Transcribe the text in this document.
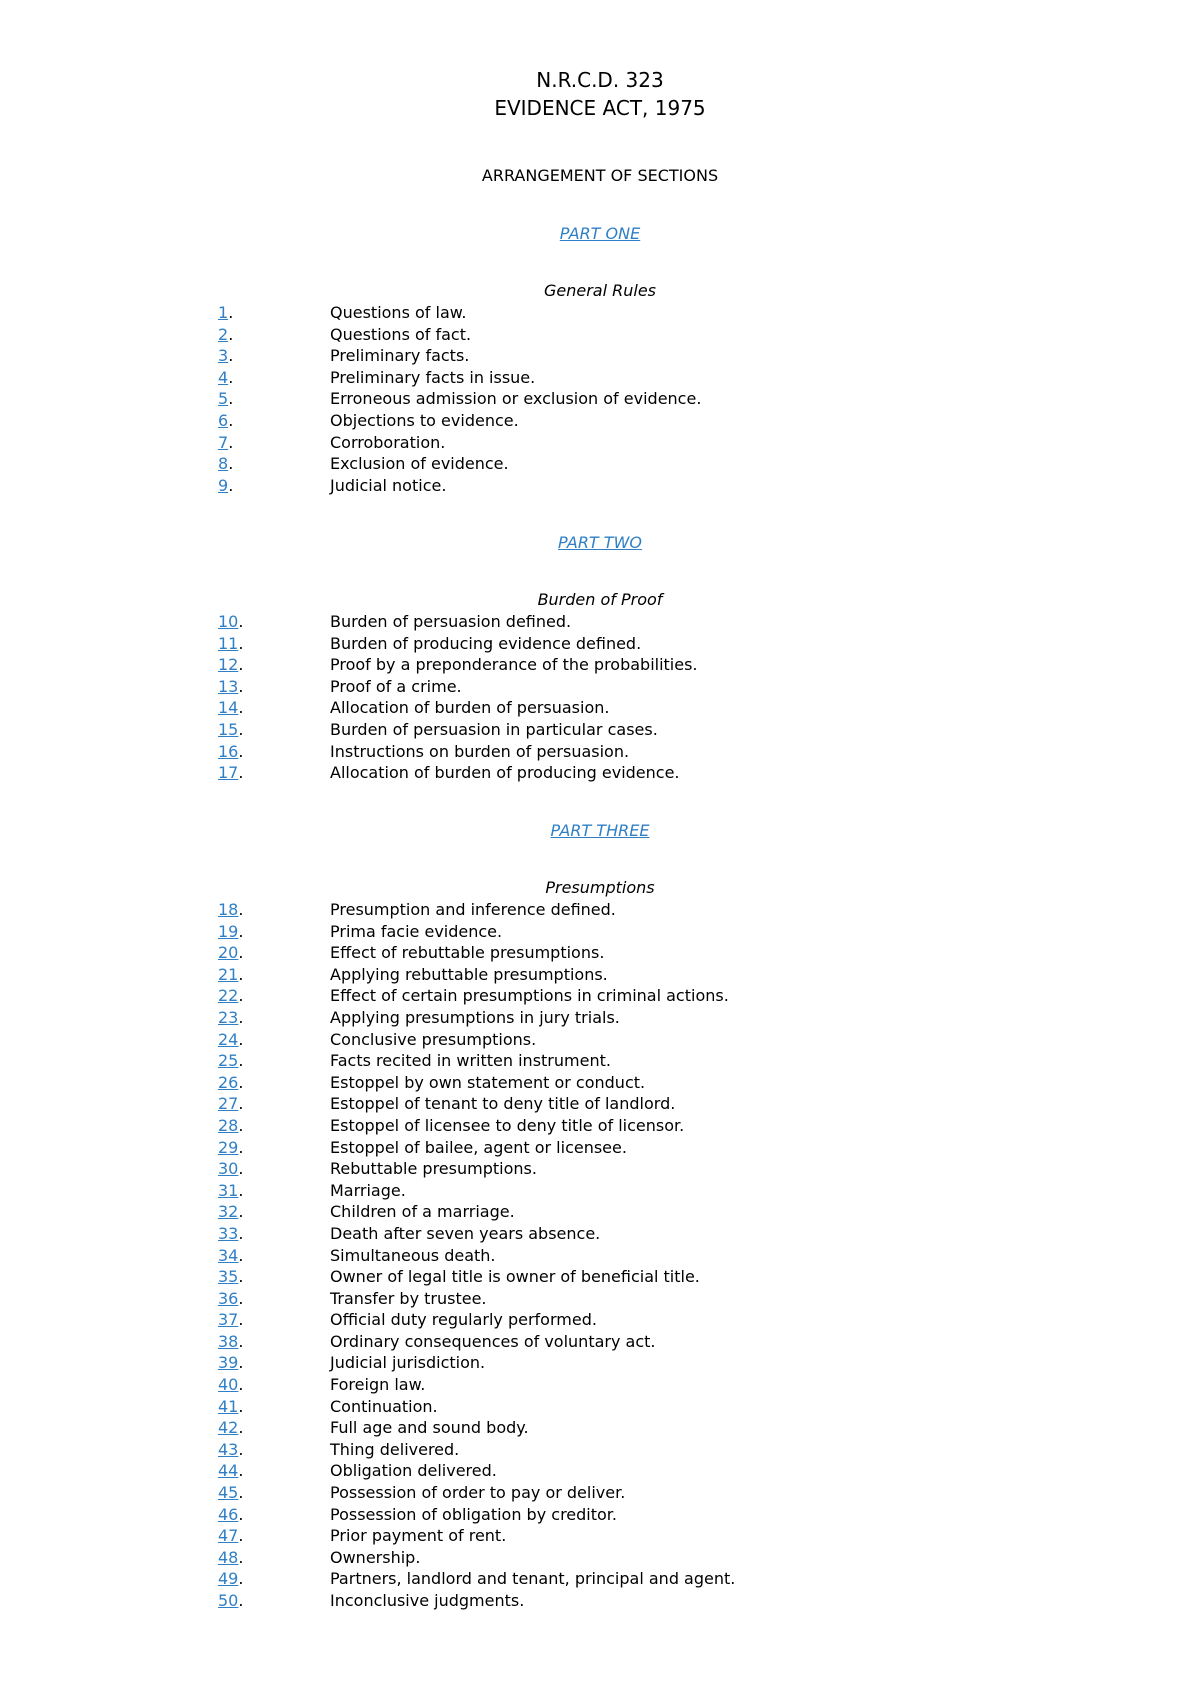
N.R.C.D. 323
EVIDENCE ACT, 1975
ARRANGEMENT OF SECTIONS
PART ONE
General Rules
1.	Questions of law.
2.	Questions of fact.
3.	Preliminary facts.
4.	Preliminary facts in issue.
5.	Erroneous admission or exclusion of evidence.
6.	Objections to evidence.
7.	Corroboration.
8.	Exclusion of evidence.
9.	Judicial notice.
PART TWO
Burden of Proof
10.	Burden of persuasion defined.
11.	Burden of producing evidence defined.
12.	Proof by a preponderance of the probabilities.
13.	Proof of a crime.
14.	Allocation of burden of persuasion.
15.	Burden of persuasion in particular cases.
16.	Instructions on burden of persuasion.
17.	Allocation of burden of producing evidence.
PART THREE
Presumptions
18.	Presumption and inference defined.
19.	Prima facie evidence.
20.	Effect of rebuttable presumptions.
21.	Applying rebuttable presumptions.
22.	Effect of certain presumptions in criminal actions.
23.	Applying presumptions in jury trials.
24.	Conclusive presumptions.
25.	Facts recited in written instrument.
26.	Estoppel by own statement or conduct.
27.	Estoppel of tenant to deny title of landlord.
28.	Estoppel of licensee to deny title of licensor.
29.	Estoppel of bailee, agent or licensee.
30.	Rebuttable presumptions.
31.	Marriage.
32.	Children of a marriage.
33.	Death after seven years absence.
34.	Simultaneous death.
35.	Owner of legal title is owner of beneficial title.
36.	Transfer by trustee.
37.	Official duty regularly performed.
38.	Ordinary consequences of voluntary act.
39.	Judicial jurisdiction.
40.	Foreign law.
41.	Continuation.
42.	Full age and sound body.
43.	Thing delivered.
44.	Obligation delivered.
45.	Possession of order to pay or deliver.
46.	Possession of obligation by creditor.
47.	Prior payment of rent.
48.	Ownership.
49.	Partners, landlord and tenant, principal and agent.
50.	Inconclusive judgments.
